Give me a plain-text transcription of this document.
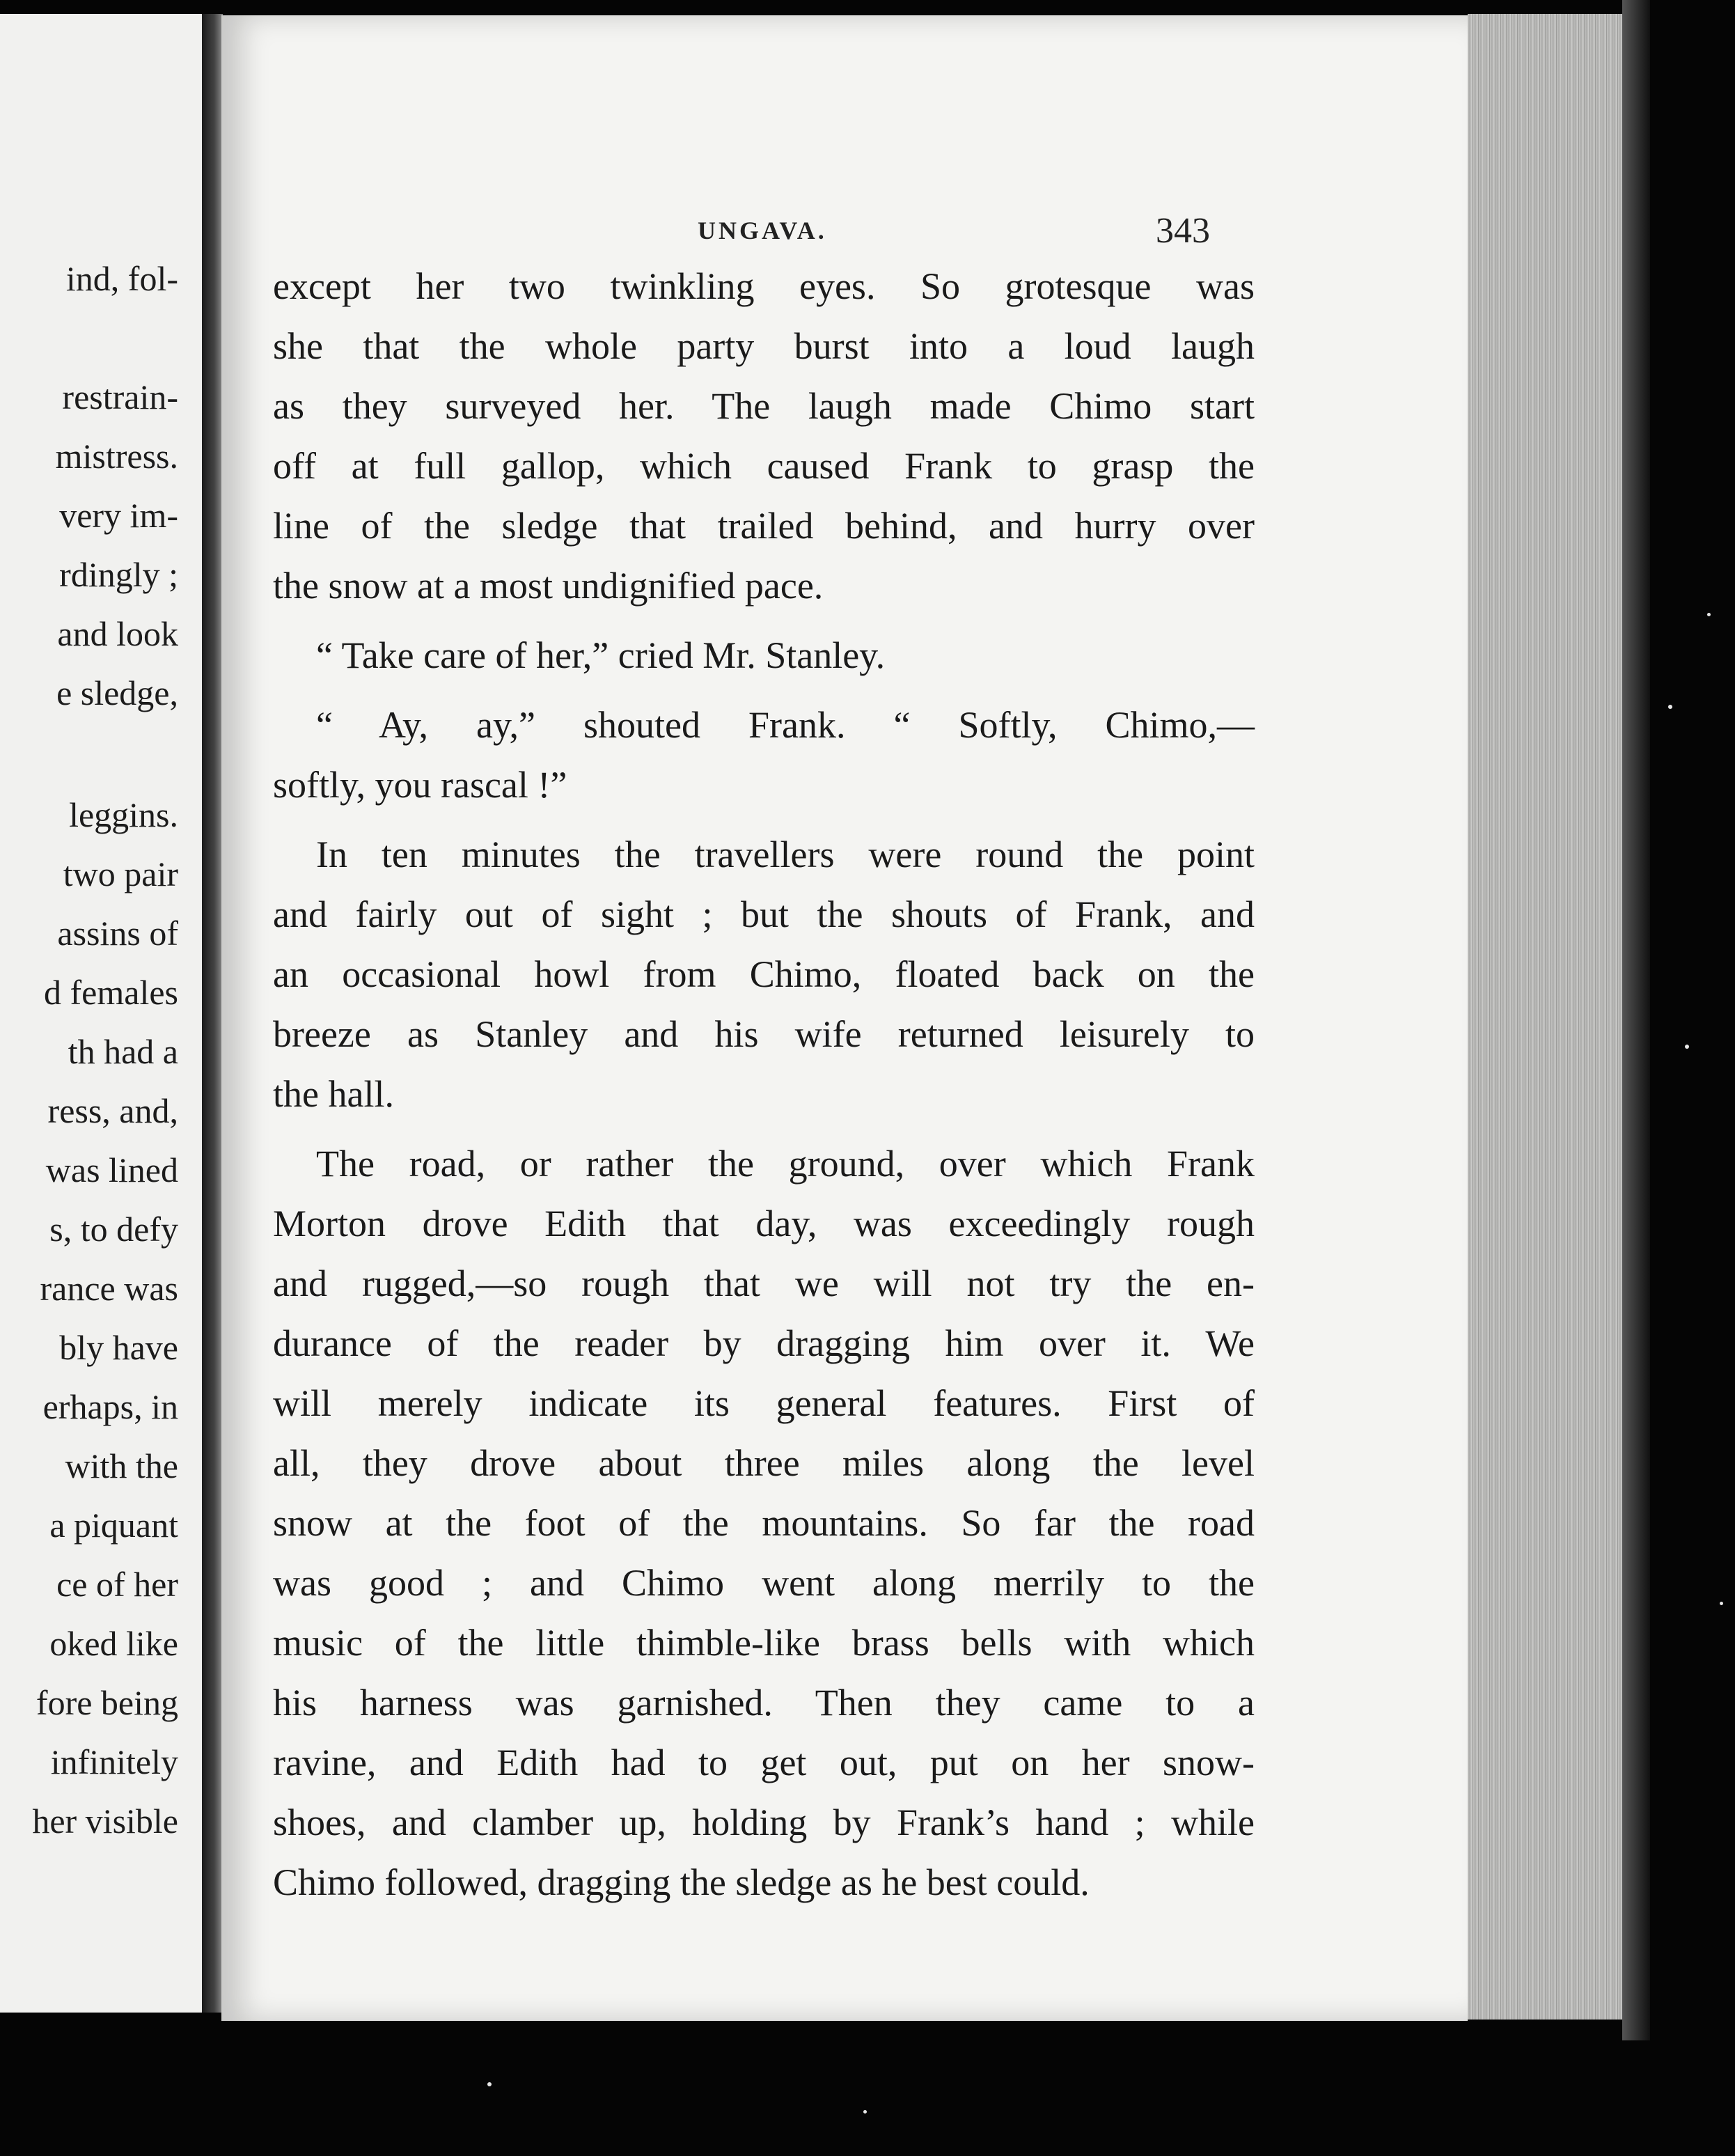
ind, fol-
restrain-
mistress.
very im-
rdingly ;
and look
e sledge,
leggins.
two pair
assins of
d females
th had a
ress, and,
was lined
s, to defy
rance was
bly have
erhaps, in
with the
a piquant
ce of her
oked like
fore being
infinitely
her visible
UNGAVA.	343
except her two twinkling eyes. So grotesque was
she that the whole party burst into a loud laugh
as they surveyed her. The laugh made Chimo start
off at full gallop, which caused Frank to grasp the
line of the sledge that trailed behind, and hurry over
the snow at a most undignified pace.
“ Take care of her,” cried Mr. Stanley.
“ Ay, ay,” shouted Frank. “ Softly, Chimo,—
softly, you rascal !”
In ten minutes the travellers were round the point
and fairly out of sight ; but the shouts of Frank, and
an occasional howl from Chimo, floated back on the
breeze as Stanley and his wife returned leisurely to
the hall.
The road, or rather the ground, over which Frank
Morton drove Edith that day, was exceedingly rough
and rugged,—so rough that we will not try the en-
durance of the reader by dragging him over it. We
will merely indicate its general features. First of
all, they drove about three miles along the level
snow at the foot of the mountains. So far the road
was good ; and Chimo went along merrily to the
music of the little thimble-like brass bells with which
his harness was garnished. Then they came to a
ravine, and Edith had to get out, put on her snow-
shoes, and clamber up, holding by Frank’s hand ; while
Chimo followed, dragging the sledge as he best could.
